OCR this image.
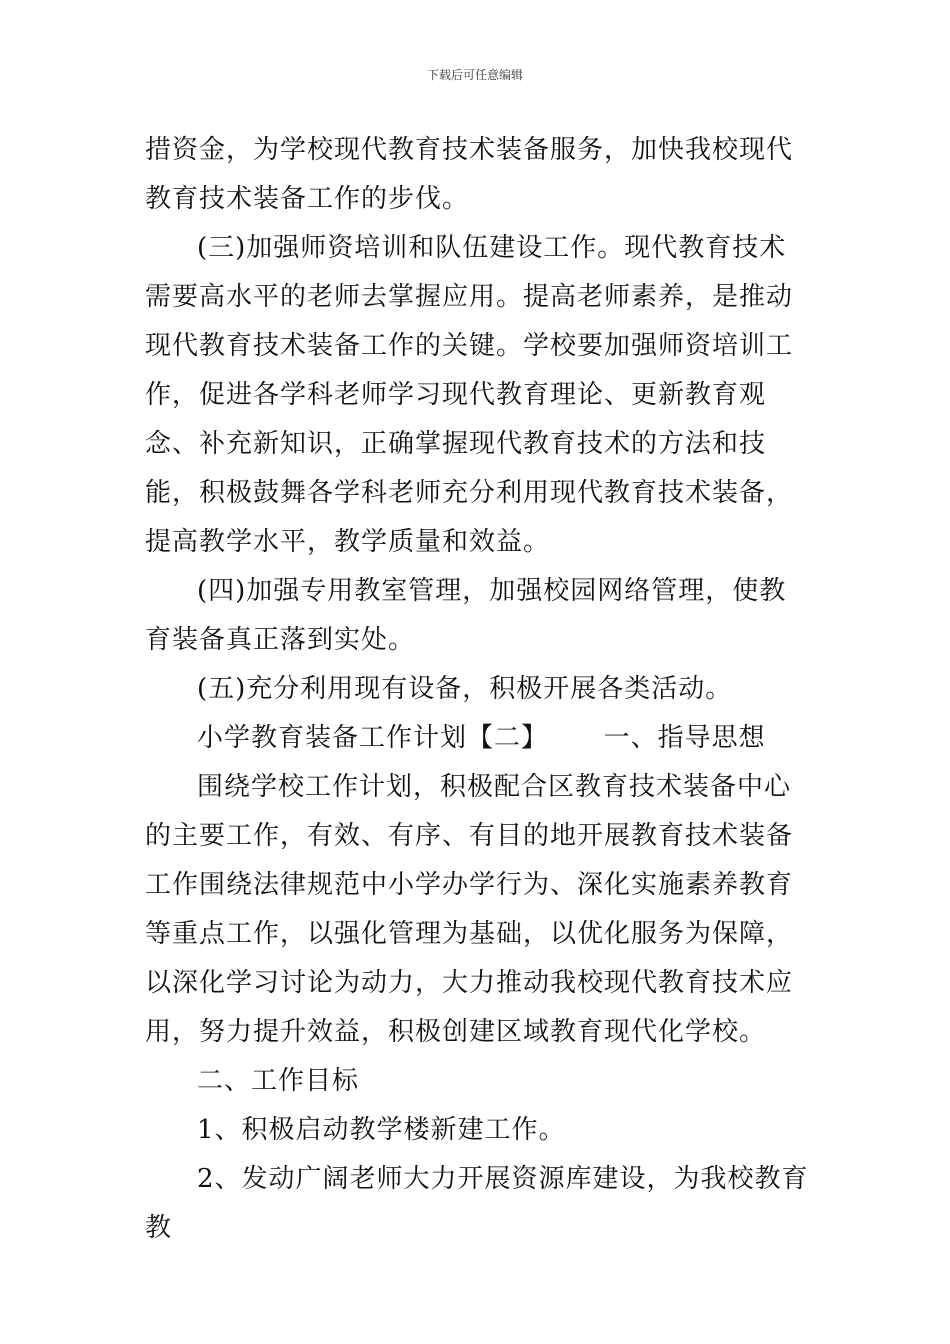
下载后可任意编辑

措资金，为学校现代教育技术装备服务，加快我校现代教育技术装备工作的步伐。

(三)加强师资培训和队伍建设工作。现代教育技术需要高水平的老师去掌握应用。提高老师素养，是推动现代教育技术装备工作的关键。学校要加强师资培训工作，促进各学科老师学习现代教育理论、更新教育观念、补充新知识，正确掌握现代教育技术的方法和技能，积极鼓舞各学科老师充分利用现代教育技术装备，提高教学水平，教学质量和效益。

(四)加强专用教室管理，加强校园网络管理，使教育装备真正落到实处。

(五)充分利用现有设备，积极开展各类活动。

小学教育装备工作计划【二】      一、指导思想

围绕学校工作计划，积极配合区教育技术装备中心的主要工作，有效、有序、有目的地开展教育技术装备工作围绕法律规范中小学办学行为、深化实施素养教育等重点工作，以强化管理为基础，以优化服务为保障，以深化学习讨论为动力，大力推动我校现代教育技术应用，努力提升效益，积极创建区域教育现代化学校。

二、工作目标

1、积极启动教学楼新建工作。

2、发动广阔老师大力开展资源库建设，为我校教育教
